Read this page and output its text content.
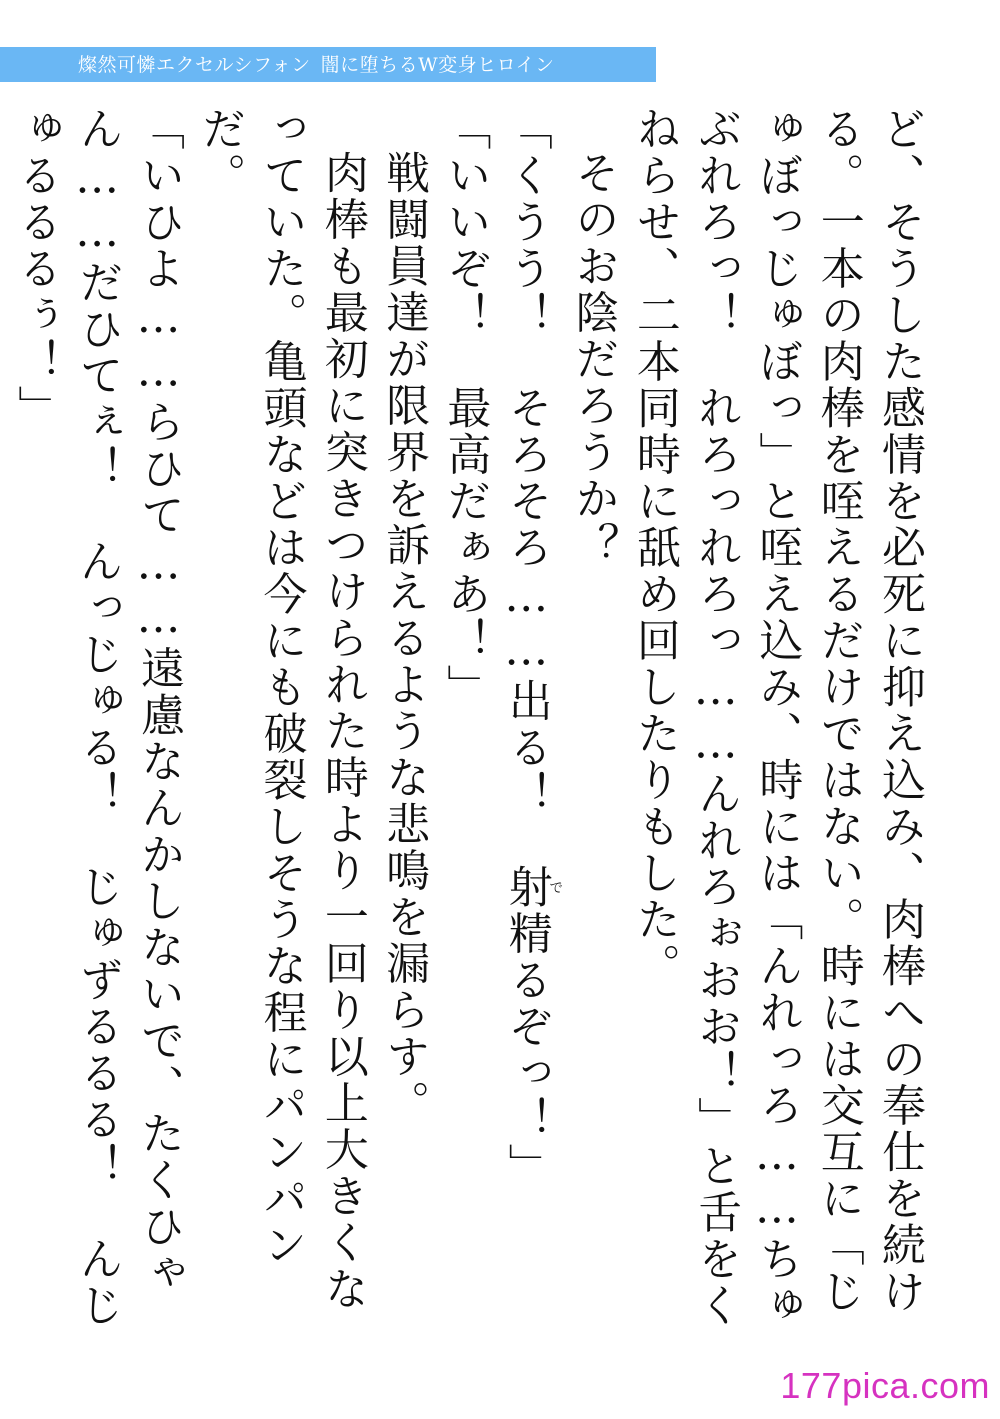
燦然可憐エクセルシフォン 闇に堕ちるW変身ヒロイン

ど、そうした感情を必死に抑え込み、肉棒への奉仕を続ける。一本の肉棒を咥えるだけではない。時には交互に「じゅぼっじゅぼっ」と咥え込み、時には「んれっろ……ちゅぶれろっ！　れろっれろっ……んれろぉおお！」と舌をくねらせ、二本同時に舐め回したりもした。

そのお陰だろうか？

「くうう！　そろそろ……出る！　射で精るぞっ！」

「いいぞ！　最高だぁあ！」

戦闘員達が限界を訴えるような悲鳴を漏らす。

肉棒も最初に突きつけられた時より一回り以上大きくなっていた。亀頭などは今にも破裂しそうな程にパンパンだ。

「いひよ……らひて……遠慮なんかしないで、たくひゃん……だひてぇ！　んっじゅる！　じゅずるるる！　んじゅるるるぅ！」

177pica.com
